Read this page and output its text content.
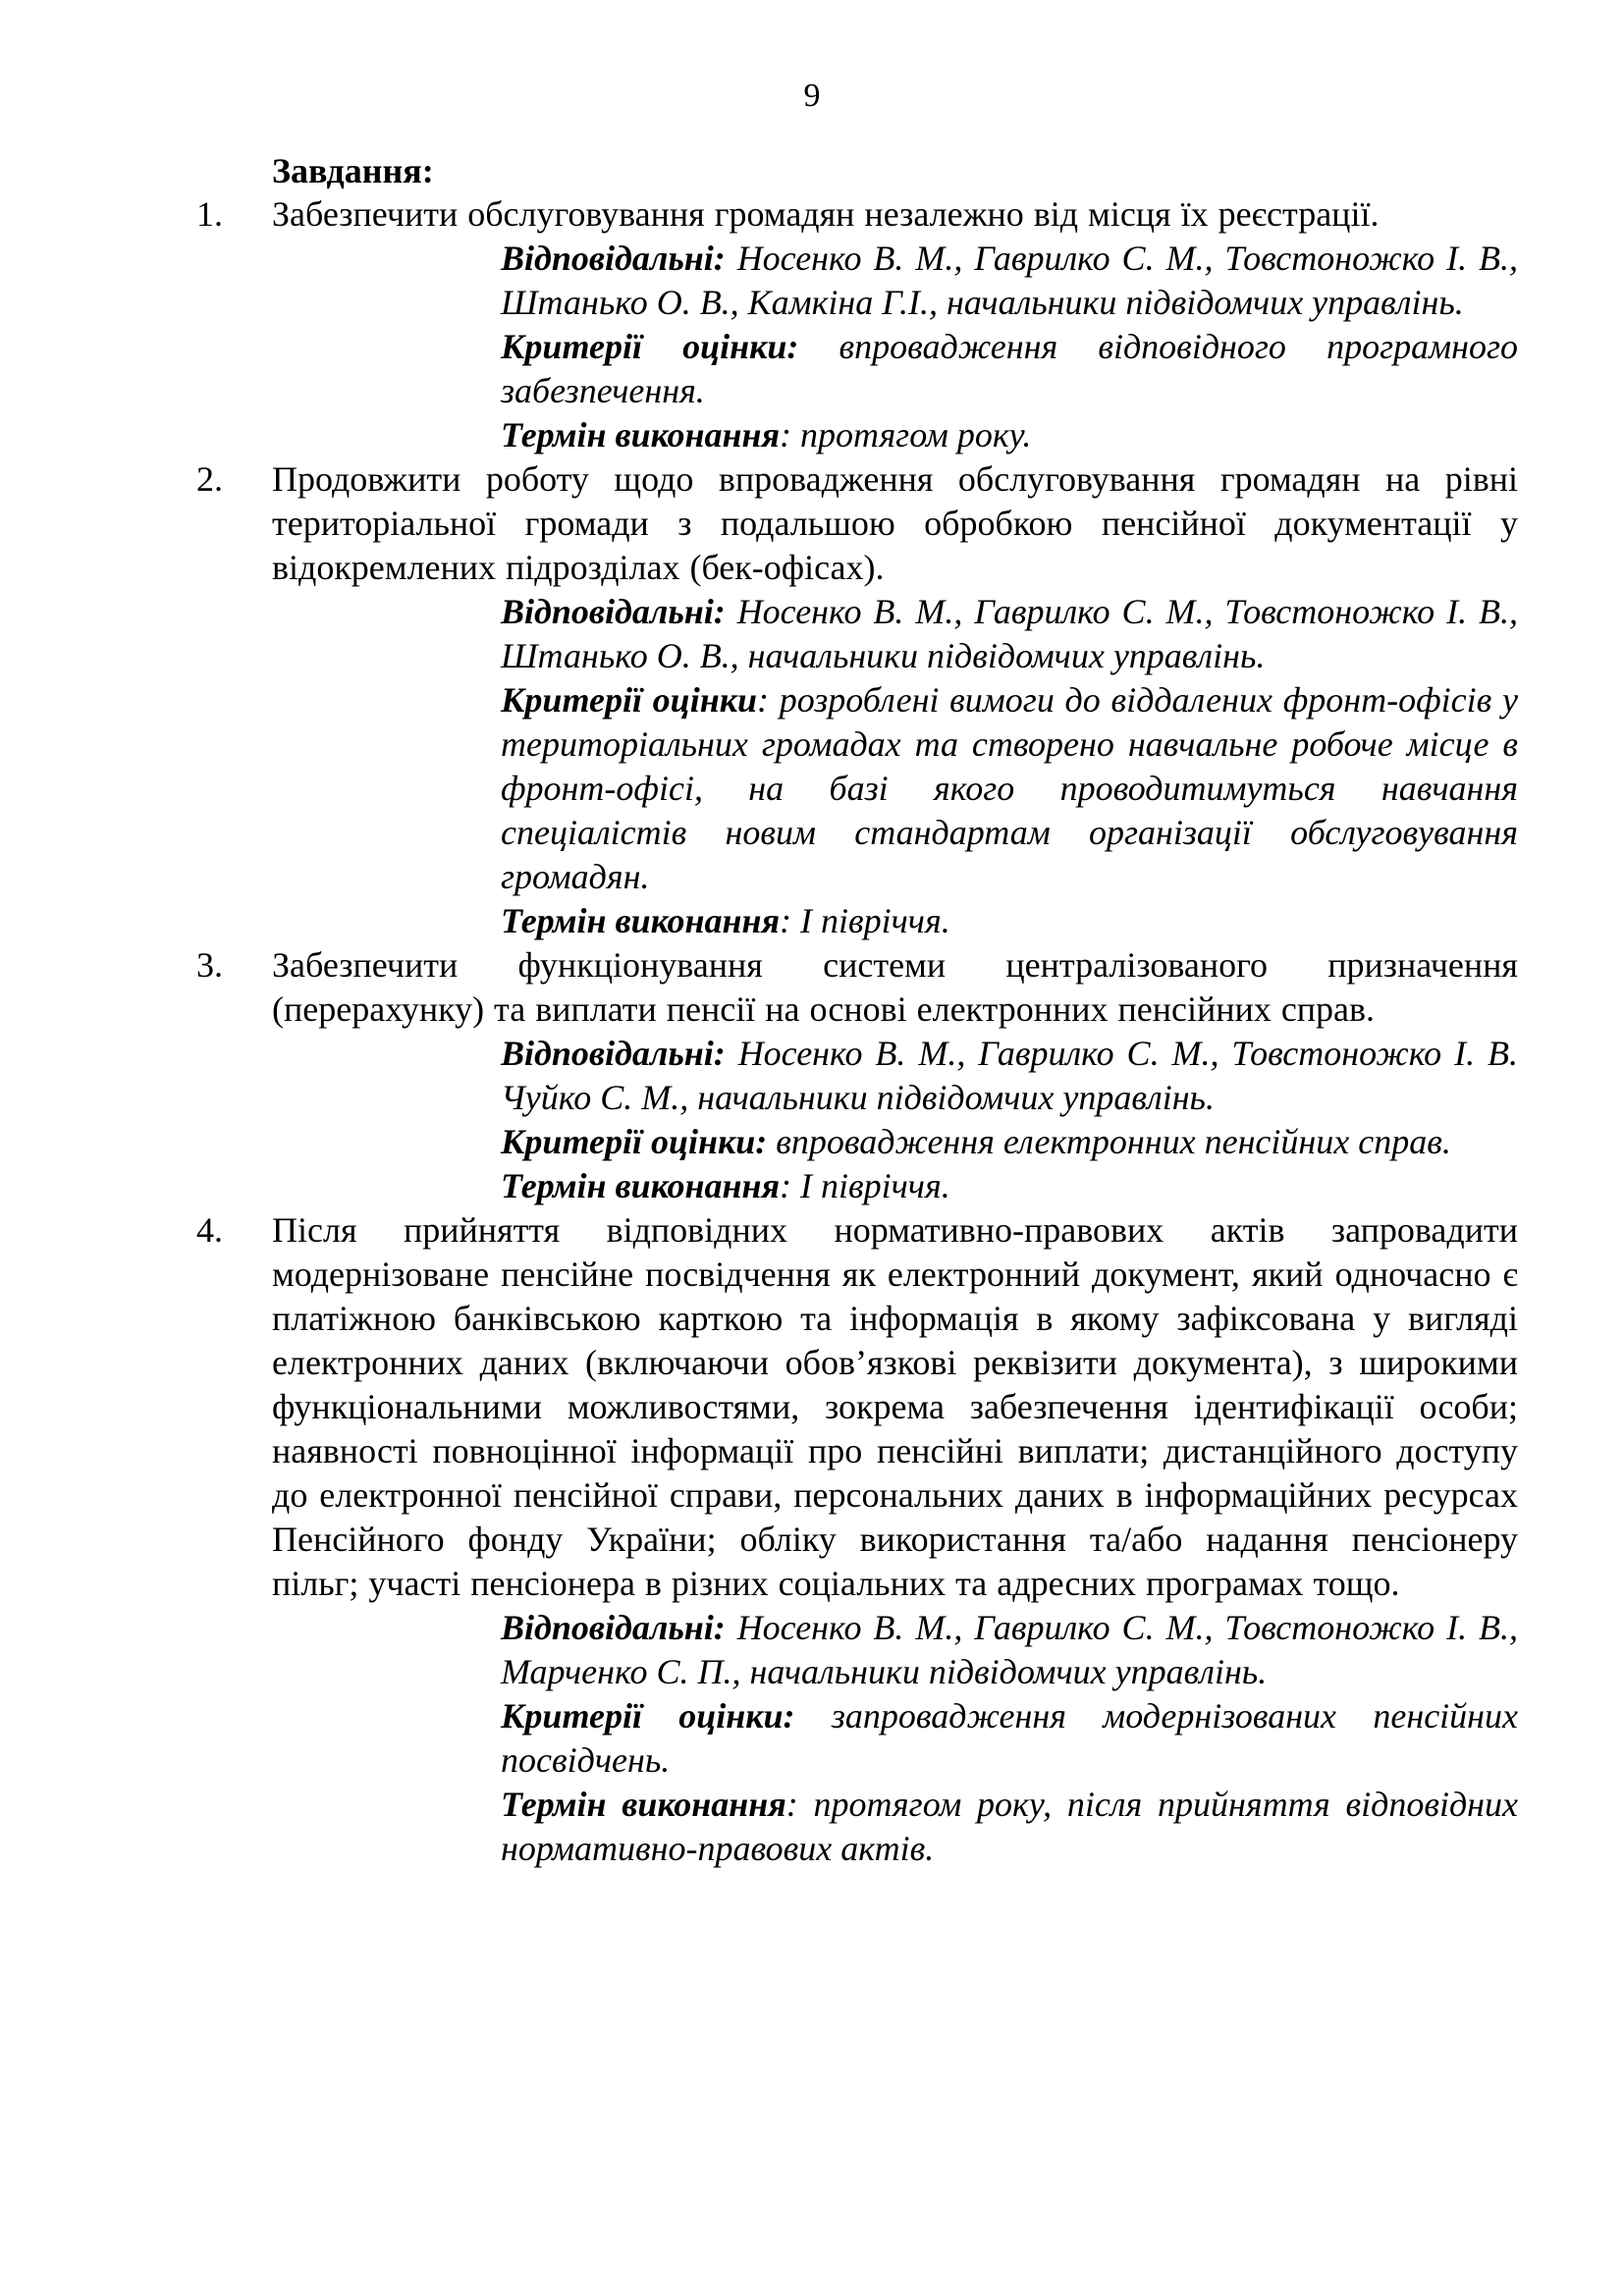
9
Завдання:
1. Забезпечити обслуговування громадян незалежно від місця їх реєстрації.
Відповідальні: Носенко В. М., Гаврилко С. М., Товстоножко І. В., Штанько О. В., Камкіна Г.І., начальники підвідомчих управлінь.
Критерії оцінки: впровадження відповідного програмного забезпечення.
Термін виконання: протягом року.
2. Продовжити роботу щодо впровадження обслуговування громадян на рівні територіальної громади з подальшою обробкою пенсійної документації у відокремлених підрозділах (бек-офісах).
Відповідальні: Носенко В. М., Гаврилко С. М., Товстоножко І. В., Штанько О. В., начальники підвідомчих управлінь.
Критерії оцінки: розроблені вимоги до віддалених фронт-офісів у територіальних громадах та створено навчальне робоче місце в фронт-офісі, на базі якого проводитимуться навчання спеціалістів новим стандартам організації обслуговування громадян.
Термін виконання: І півріччя.
3. Забезпечити функціонування системи централізованого призначення (перерахунку) та виплати пенсії на основі електронних пенсійних справ.
Відповідальні: Носенко В. М., Гаврилко С. М., Товстоножко І. В. Чуйко С. М., начальники підвідомчих управлінь.
Критерії оцінки: впровадження електронних пенсійних справ.
Термін виконання: І півріччя.
4. Після прийняття відповідних нормативно-правових актів запровадити модернізоване пенсійне посвідчення як електронний документ, який одночасно є платіжною банківською карткою та інформація в якому зафіксована у вигляді електронних даних (включаючи обов’язкові реквізити документа), з широкими функціональними можливостями, зокрема забезпечення ідентифікації особи; наявності повноцінної інформації про пенсійні виплати; дистанційного доступу до електронної пенсійної справи, персональних даних в інформаційних ресурсах Пенсійного фонду України; обліку використання та/або надання пенсіонеру пільг; участі пенсіонера в різних соціальних та адресних програмах тощо.
Відповідальні: Носенко В. М., Гаврилко С. М., Товстоножко І. В., Марченко С. П., начальники підвідомчих управлінь.
Критерії оцінки: запровадження модернізованих пенсійних посвідчень.
Термін виконання: протягом року, після прийняття відповідних нормативно-правових актів.
